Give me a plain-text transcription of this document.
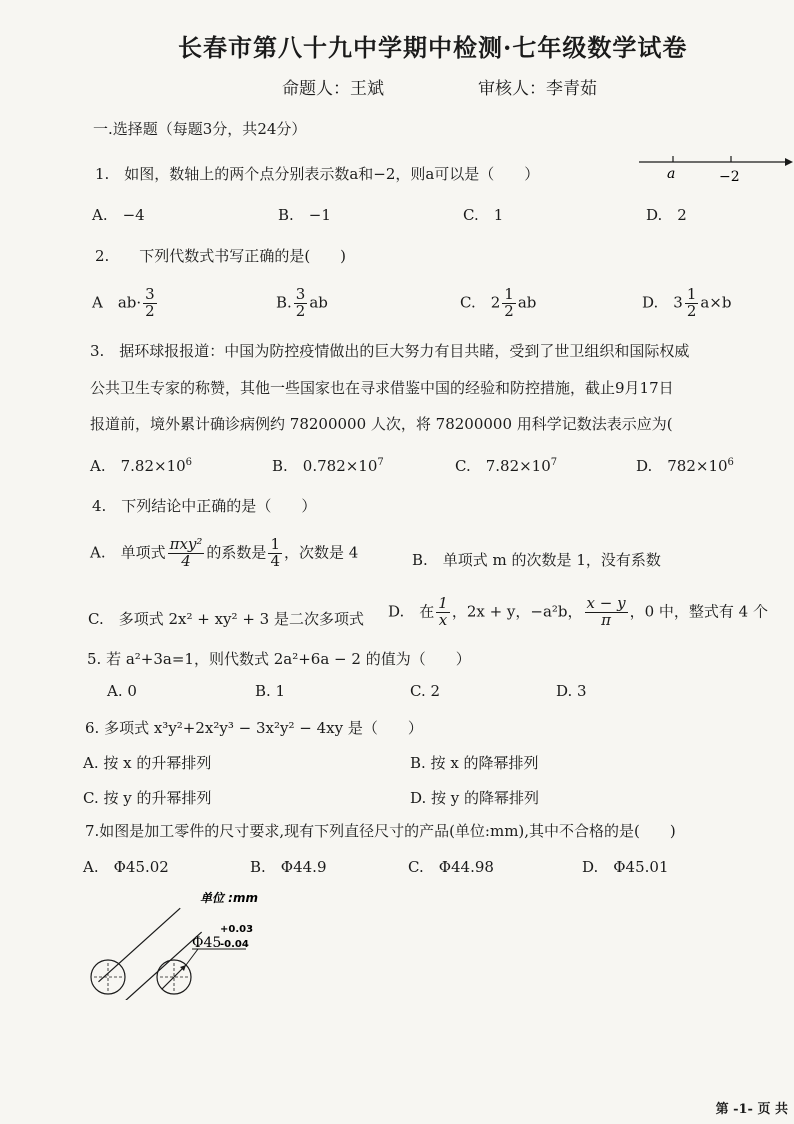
长春市第八十九中学期中检测·七年级数学试卷
命题人：王斌	审核人：李青茹
一.选择题（每题3分，共24分）
1.　如图，数轴上的两个点分别表示数a和−2，则a可以是（　　）	a	−2
A.　−4	B.　−1	C.　1	D.　2
2.　　下列代数式书写正确的是(　　)
A　$ab\cdot \frac{3}{2}$	B. $\frac{3}{2}$ ab	C.　$2 \frac{1}{2}$ ab	D.　$3 \frac{1}{2} a\times b$
3.　据环球报报道：中国为防控疫情做出的巨大努力有目共睹，受到了世卫组织和国际权威
公共卫生专家的称赞，其他一些国家也在寻求借鉴中国的经验和防控措施，截止9月17日
报道前，境外累计确诊病例约 78200000 人次，将 78200000 用科学记数法表示应为(
A.　$7.82\times 10^6$	B.　$0.782\times 10^7$	C.　$7.82\times 10^7$	D.　$782\times 10^6$
4.　下列结论中正确的是（　　）
A.　单项式 πxy²
4	的系数是 $\frac{1}{4}$ ，次数是 4	B.　单项式 m 的次数是 1，没有系数
C.　多项式 2x² + xy² + 3 是二次多项式 D.　在 $\frac{1}{x}$ ，2x + y，−a²b， $\frac{x - y}{\pi}$ ，0 中，整式有 4 个
5. 若 a²+3a=1，则代数式 2a²+6a − 2 的值为（　　）
A. 0	B. 1	C. 2	D. 3
6. 多项式 x³y²+2x²y³ − 3x²y² − 4xy 是（　　）
A. 按 x 的升幂排列	B. 按 x 的降幂排列
C. 按 y 的升幂排列	D. 按 y 的降幂排列
7.如图是加工零件的尺寸要求,现有下列直径尺寸的产品(单位:mm),其中不合格的是(　　)
A.　Φ45.02	B.　Φ44.9	C.　Φ44.98	D.　Φ45.01
单位 :mm
Φ45
+0.03
-0.04
第 -1- 页 共
